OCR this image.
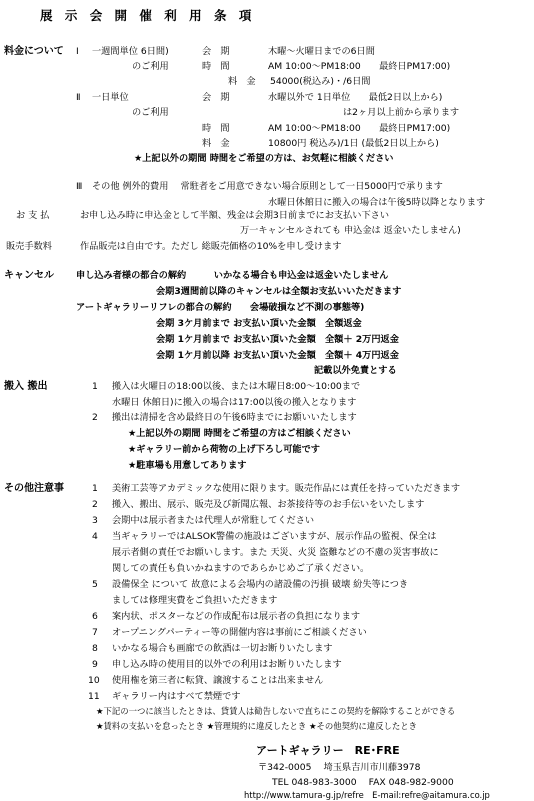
展 示 会 開 催 利 用 条 項
料金について Ⅰ 一週間単位 6日間)	会　期	木曜～火曜日までの6日間
のご利用	時　間	AM 10:00～PM18:00　　最終日PM17:00)
料　金 54000(税込み)・/6日間
Ⅱ 一日単位	会　期	水曜以外で 1日単位　　最低2日以上から)
のご利用	は2ヶ月以上前から承ります
時　間	AM 10:00～PM18:00　　最終日PM17:00)
料　金	10800円 税込み)/1日 (最低2日以上から)
★上記以外の期間 時間をご希望の方は、お気軽に相談ください
Ⅲ その他 例外的費用　 常駐者をご用意できない場合原則として一日5000円で承ります
水曜日休館日に搬入の場合は午後5時以降となります
お 支 払	お申し込み時に申込金として半額、残金は会期3日前までにお支払い下さい
万一キャンセルされても 申込金は 返金いたしません)
販売手数料	作品販売は自由です。ただし 総販売価格の10%を申し受けます
キャンセル 申し込み者様の都合の解約　　　いかなる場合も申込金は返金いたしません
会期3週間前以降のキャンセルは全額お支払いいただきます
アートギャラリーリフレの都合の解約　　会場破損など不測の事態等)
会期 3ケ月前まで お支払い頂いた金額　全額返金
会期 1ケ月前まで お支払い頂いた金額　全額＋ 2万円返金
会期 1ケ月前以降 お支払い頂いた金額　全額＋ 4万円返金
記載以外免責とする
搬入 搬出	1 搬入は火曜日の18:00以後、または木曜日8:00～10:00まで
水曜日 休館日)に搬入の場合は17:00以後の搬入となります
2 搬出は清掃を含め最終日の午後6時までにお願いいたします
★上記以外の期間 時間をご希望の方はご相談ください
★ギャラリー前から荷物の上げ下ろし可能です
★駐車場も用意してあります
その他注意事	1 美術工芸等アカデミックな使用に限ります。販売作品には責任を持っていただきます
2 搬入、搬出、展示、販売及び新聞広報、お茶接待等のお手伝いをいたします
3 会期中は展示者または代理人が常駐してください
4 当ギャラリーではALSOK警備の施設はございますが、展示作品の監視、保全は
展示者側の責任でお願いします。また 天災、火災 盗難などの不慮の災害事故に
関しての責任も負いかねますのであらかじめご了承ください。
5 設備保全 について 故意による会場内の諸設備の汚損 破壊 紛失等につき
ましては修理実費をご負担いただきます
6 案内状、ポスターなどの作成配布は展示者の負担になります
7 オープニングパーティー等の開催内容は事前にご相談ください
8 いかなる場合も画廊での飲酒は一切お断りいたします
9 申し込み時の使用目的以外での利用はお断りいたします
10 使用権を第三者に転貸、譲渡することは出来ません
11 ギャラリー内はすべて禁煙です
★下記の一つに該当したときは、貸賃人は勧告しないで直ちにこの契約を解除することができる
★賃料の支払いを怠ったとき ★管理規約に違反したとき ★その他契約に違反したとき
アートギャラリー　RE･FRE
〒342-0005　 埼玉県吉川市川藤3978
TEL 048-983-3000　 FAX 048-982-9000
http://www.tamura-g.jp/refre　E-mail:refre@aitamura.co.jp
